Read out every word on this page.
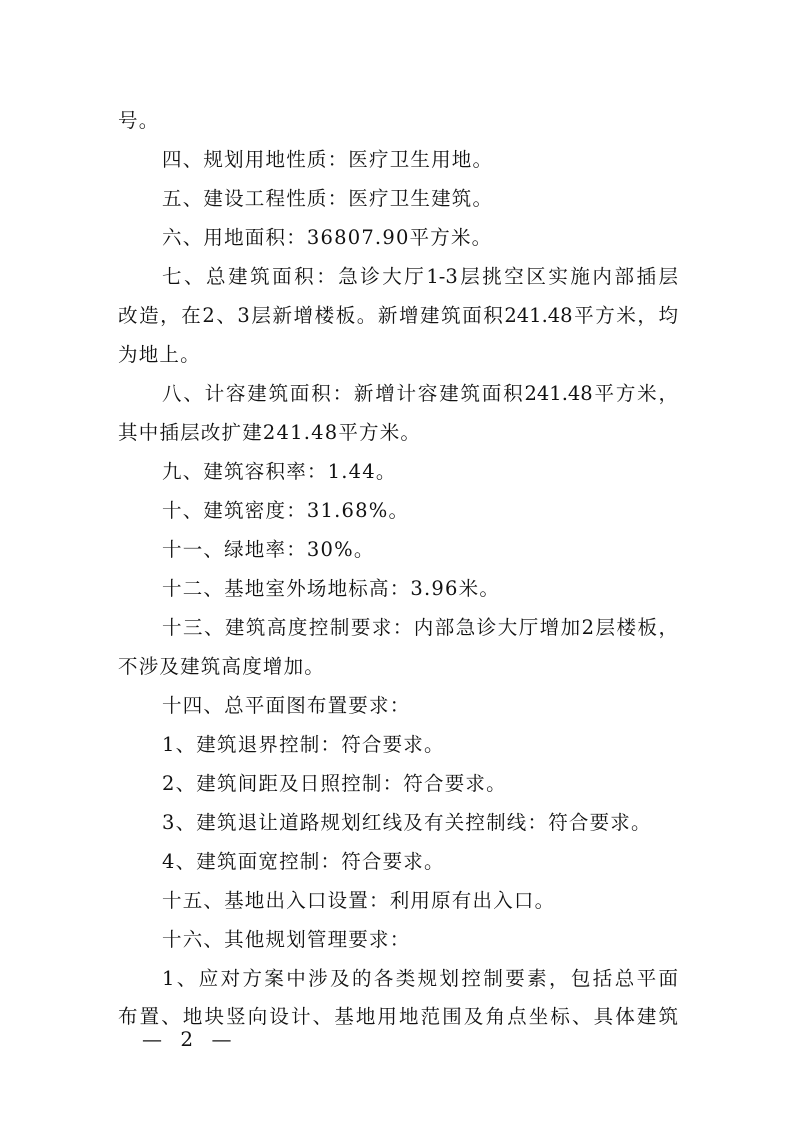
号。
四、规划用地性质：医疗卫生用地。
五、建设工程性质：医疗卫生建筑。
六、用地面积：36807.90平方米。
七、总建筑面积：急诊大厅1-3层挑空区实施内部插层
改造，在2、3层新增楼板。新增建筑面积241.48平方米，均
为地上。
八、计容建筑面积：新增计容建筑面积241.48平方米，
其中插层改扩建241.48平方米。
九、建筑容积率：1.44。
十、建筑密度：31.68%。
十一、绿地率：30%。
十二、基地室外场地标高：3.96米。
十三、建筑高度控制要求：内部急诊大厅增加2层楼板，
不涉及建筑高度增加。
十四、总平面图布置要求：
1、建筑退界控制：符合要求。
2、建筑间距及日照控制：符合要求。
3、建筑退让道路规划红线及有关控制线：符合要求。
4、建筑面宽控制：符合要求。
十五、基地出入口设置：利用原有出入口。
十六、其他规划管理要求：
1、应对方案中涉及的各类规划控制要素，包括总平面
布置、地块竖向设计、基地用地范围及角点坐标、具体建筑
— 2 —
